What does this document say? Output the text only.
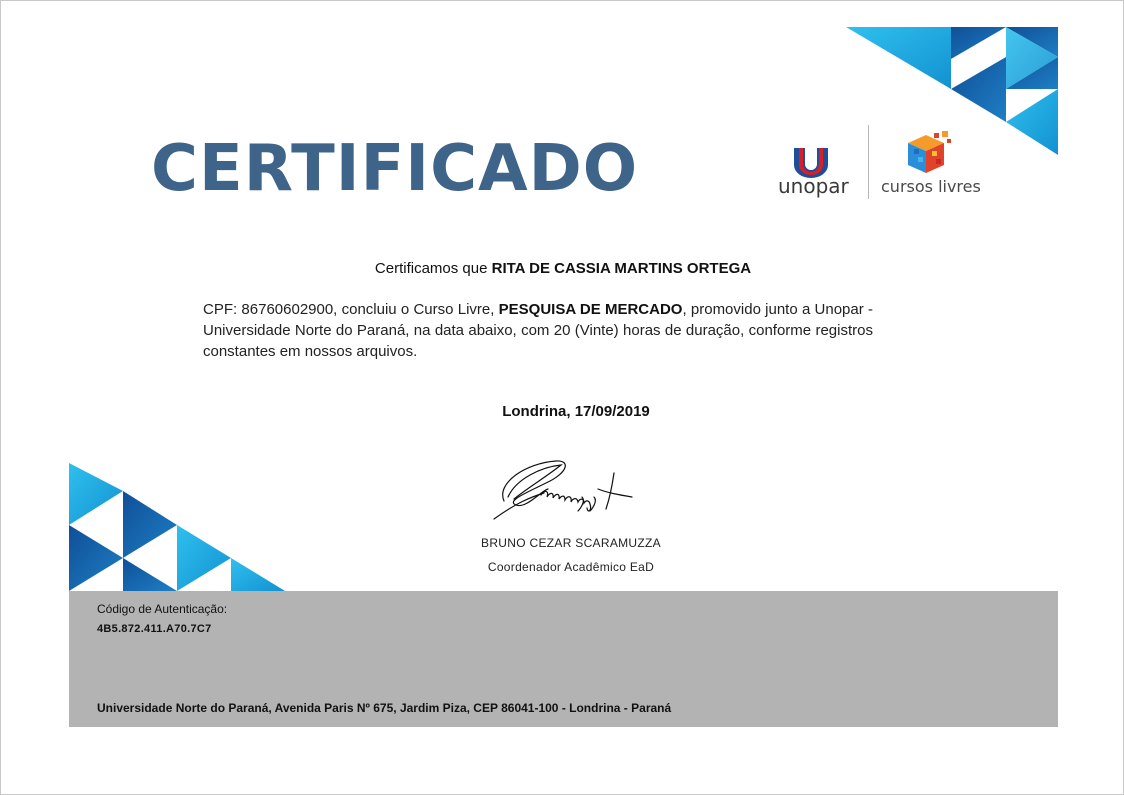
CERTIFICADO	unopar cursos livres
Certificamos que RITA DE CASSIA MARTINS ORTEGA
CPF: 86760602900, concluiu o Curso Livre, PESQUISA DE MERCADO, promovido junto a Unopar - Universidade Norte do Paraná, na data abaixo, com 20 (Vinte) horas de duração, conforme registros constantes em nossos arquivos.
Londrina, 17/09/2019
BRUNO CEZAR SCARAMUZZA
Coordenador Acadêmico EaD
Código de Autenticação:
4B5.872.411.A70.7C7
Universidade Norte do Paraná, Avenida Paris Nº 675, Jardim Piza, CEP 86041-100 - Londrina - Paraná
